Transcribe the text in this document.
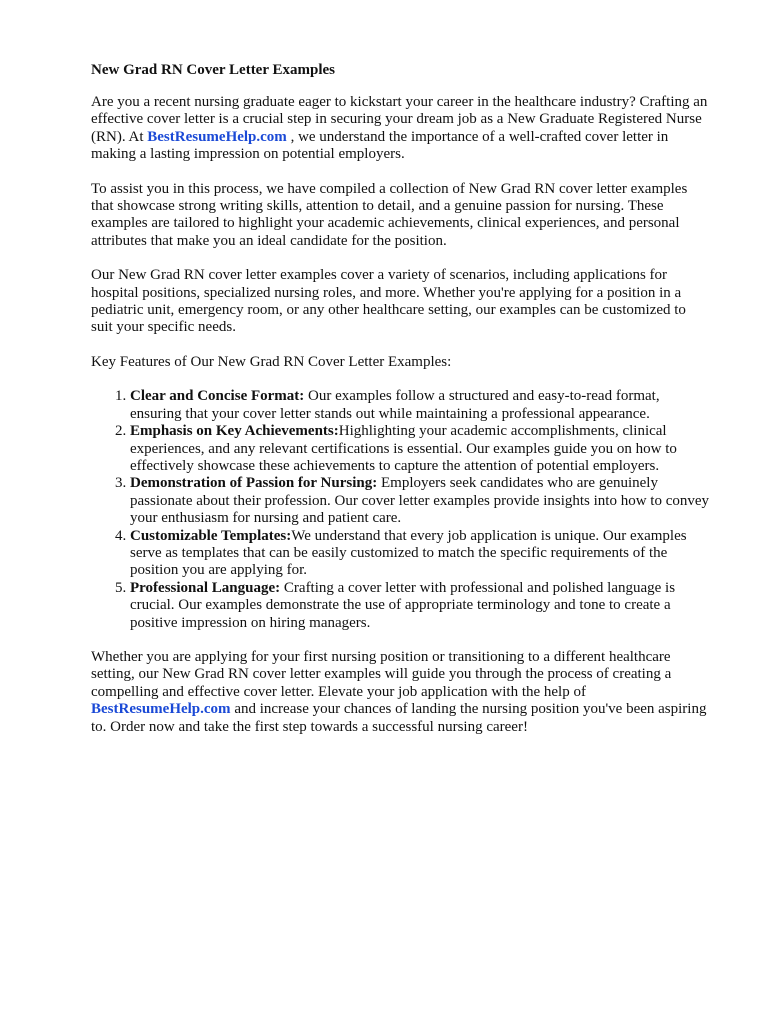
New Grad RN Cover Letter Examples

Are you a recent nursing graduate eager to kickstart your career in the healthcare industry? Crafting an effective cover letter is a crucial step in securing your dream job as a New Graduate Registered Nurse (RN). At BestResumeHelp.com , we understand the importance of a well-crafted cover letter in making a lasting impression on potential employers.

To assist you in this process, we have compiled a collection of New Grad RN cover letter examples that showcase strong writing skills, attention to detail, and a genuine passion for nursing. These examples are tailored to highlight your academic achievements, clinical experiences, and personal attributes that make you an ideal candidate for the position.

Our New Grad RN cover letter examples cover a variety of scenarios, including applications for hospital positions, specialized nursing roles, and more. Whether you're applying for a position in a pediatric unit, emergency room, or any other healthcare setting, our examples can be customized to suit your specific needs.

Key Features of Our New Grad RN Cover Letter Examples:

1. Clear and Concise Format: Our examples follow a structured and easy-to-read format, ensuring that your cover letter stands out while maintaining a professional appearance.
2. Emphasis on Key Achievements:Highlighting your academic accomplishments, clinical experiences, and any relevant certifications is essential. Our examples guide you on how to effectively showcase these achievements to capture the attention of potential employers.
3. Demonstration of Passion for Nursing: Employers seek candidates who are genuinely passionate about their profession. Our cover letter examples provide insights into how to convey your enthusiasm for nursing and patient care.
4. Customizable Templates:We understand that every job application is unique. Our examples serve as templates that can be easily customized to match the specific requirements of the position you are applying for.
5. Professional Language: Crafting a cover letter with professional and polished language is crucial. Our examples demonstrate the use of appropriate terminology and tone to create a positive impression on hiring managers.

Whether you are applying for your first nursing position or transitioning to a different healthcare setting, our New Grad RN cover letter examples will guide you through the process of creating a compelling and effective cover letter. Elevate your job application with the help of BestResumeHelp.com and increase your chances of landing the nursing position you've been aspiring to. Order now and take the first step towards a successful nursing career!
